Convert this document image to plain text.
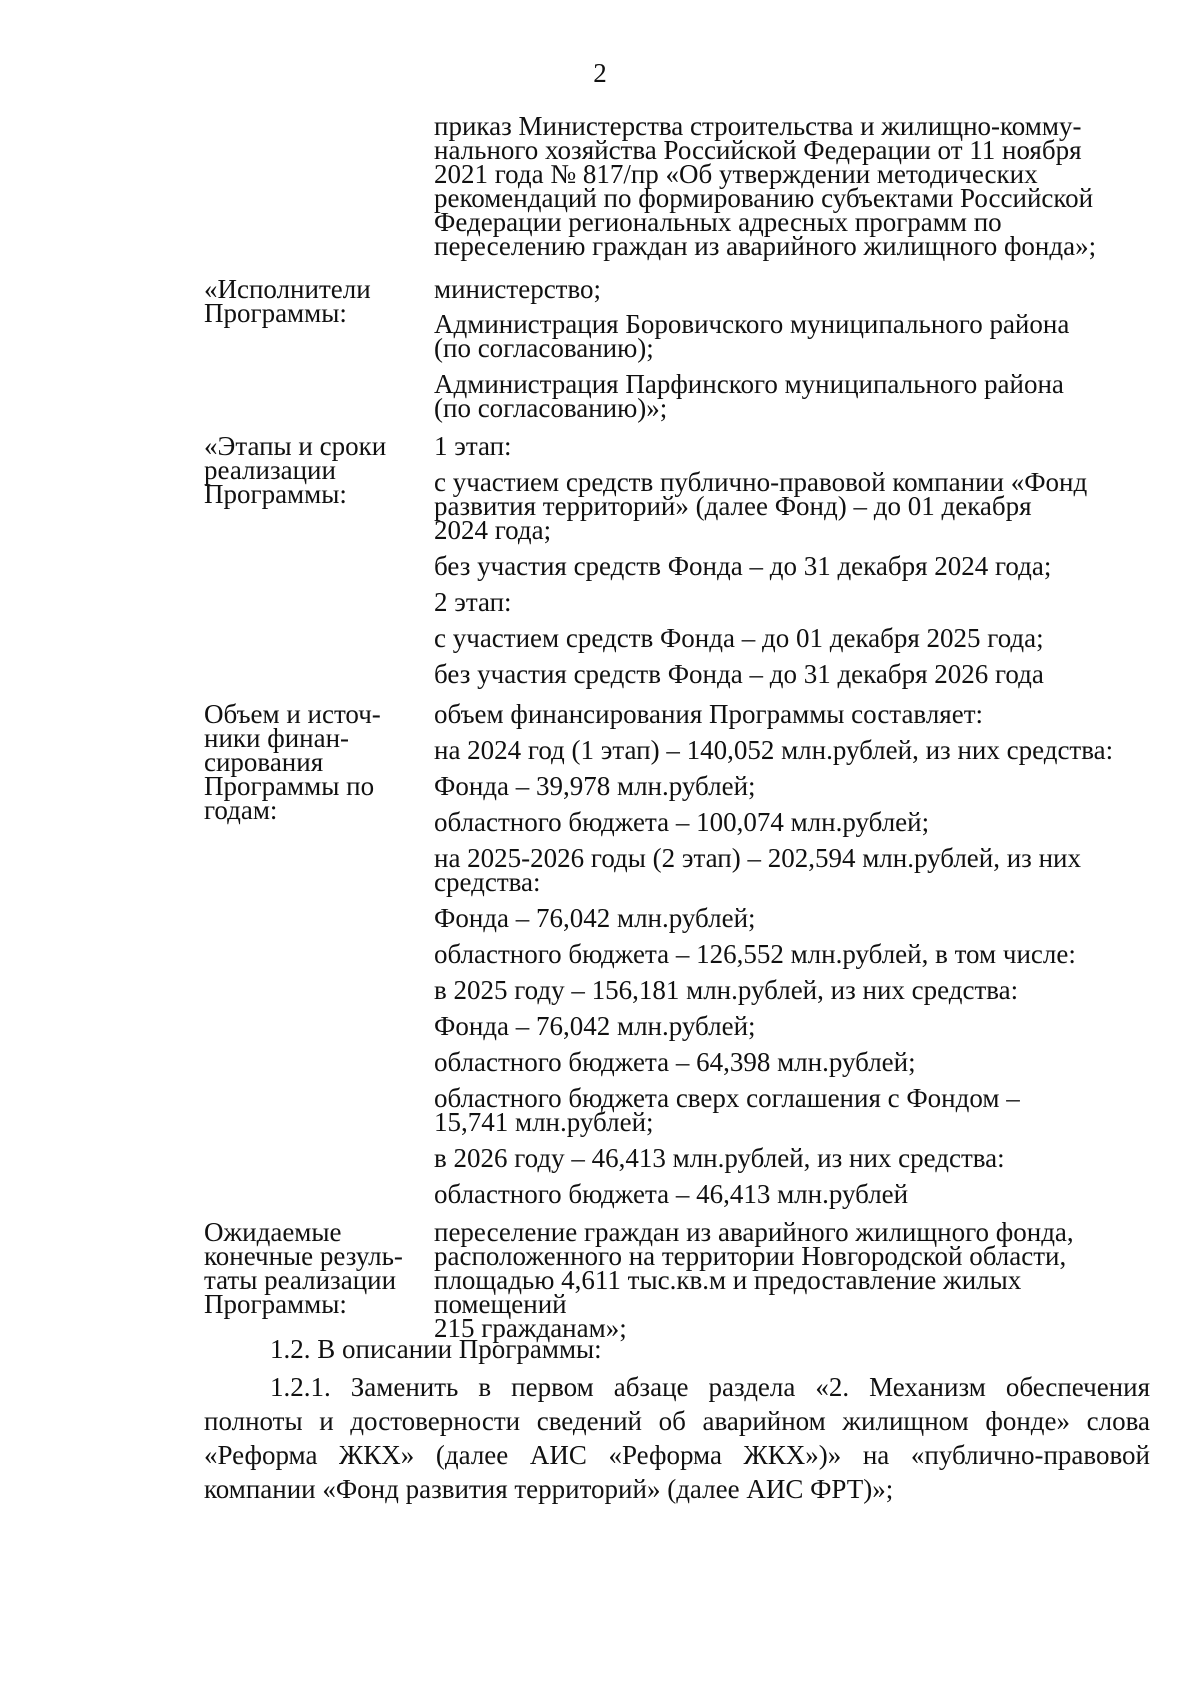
2
приказ Министерства строительства и жилищно-комму-
нального хозяйства Российской Федерации от 11 ноября
2021 года № 817/пр «Об утверждении методических
рекомендаций по формированию субъектами Российской
Федерации региональных адресных программ по
переселению граждан из аварийного жилищного фонда»;
«Исполнители
Программы:
министерство;
Администрация Боровичского муниципального района
(по согласованию);
Администрация Парфинского муниципального района
(по согласованию)»;
«Этапы и сроки
реализации
Программы:
1 этап:
с участием средств публично-правовой компании «Фонд
развития территорий» (далее Фонд) – до 01 декабря
2024 года;
без участия средств Фонда – до 31 декабря 2024 года;
2 этап:
с участием средств Фонда – до 01 декабря 2025 года;
без участия средств Фонда – до 31 декабря 2026 года
Объем и источ-
ники финан-
сирования
Программы по
годам:
объем финансирования Программы составляет:
на 2024 год (1 этап) – 140,052 млн.рублей, из них средства:
Фонда – 39,978 млн.рублей;
областного бюджета – 100,074 млн.рублей;
на 2025-2026 годы (2 этап) – 202,594 млн.рублей, из них
средства:
Фонда – 76,042 млн.рублей;
областного бюджета – 126,552 млн.рублей, в том числе:
в 2025 году – 156,181 млн.рублей, из них средства:
Фонда – 76,042 млн.рублей;
областного бюджета – 64,398 млн.рублей;
областного бюджета сверх соглашения с Фондом –
15,741 млн.рублей;
в 2026 году – 46,413 млн.рублей, из них средства:
областного бюджета – 46,413 млн.рублей
Ожидаемые
конечные резуль-
таты реализации
Программы:
переселение граждан из аварийного жилищного фонда,
расположенного на территории Новгородской области,
площадью 4,611 тыс.кв.м и предоставление жилых помещений
215 гражданам»;
1.2. В описании Программы:
1.2.1. Заменить в первом абзаце раздела «2. Механизм обеспечения
полноты и достоверности сведений об аварийном жилищном фонде» слова
«Реформа ЖКХ» (далее АИС «Реформа ЖКХ»)» на «публично-правовой
компании «Фонд развития территорий» (далее АИС ФРТ)»;
